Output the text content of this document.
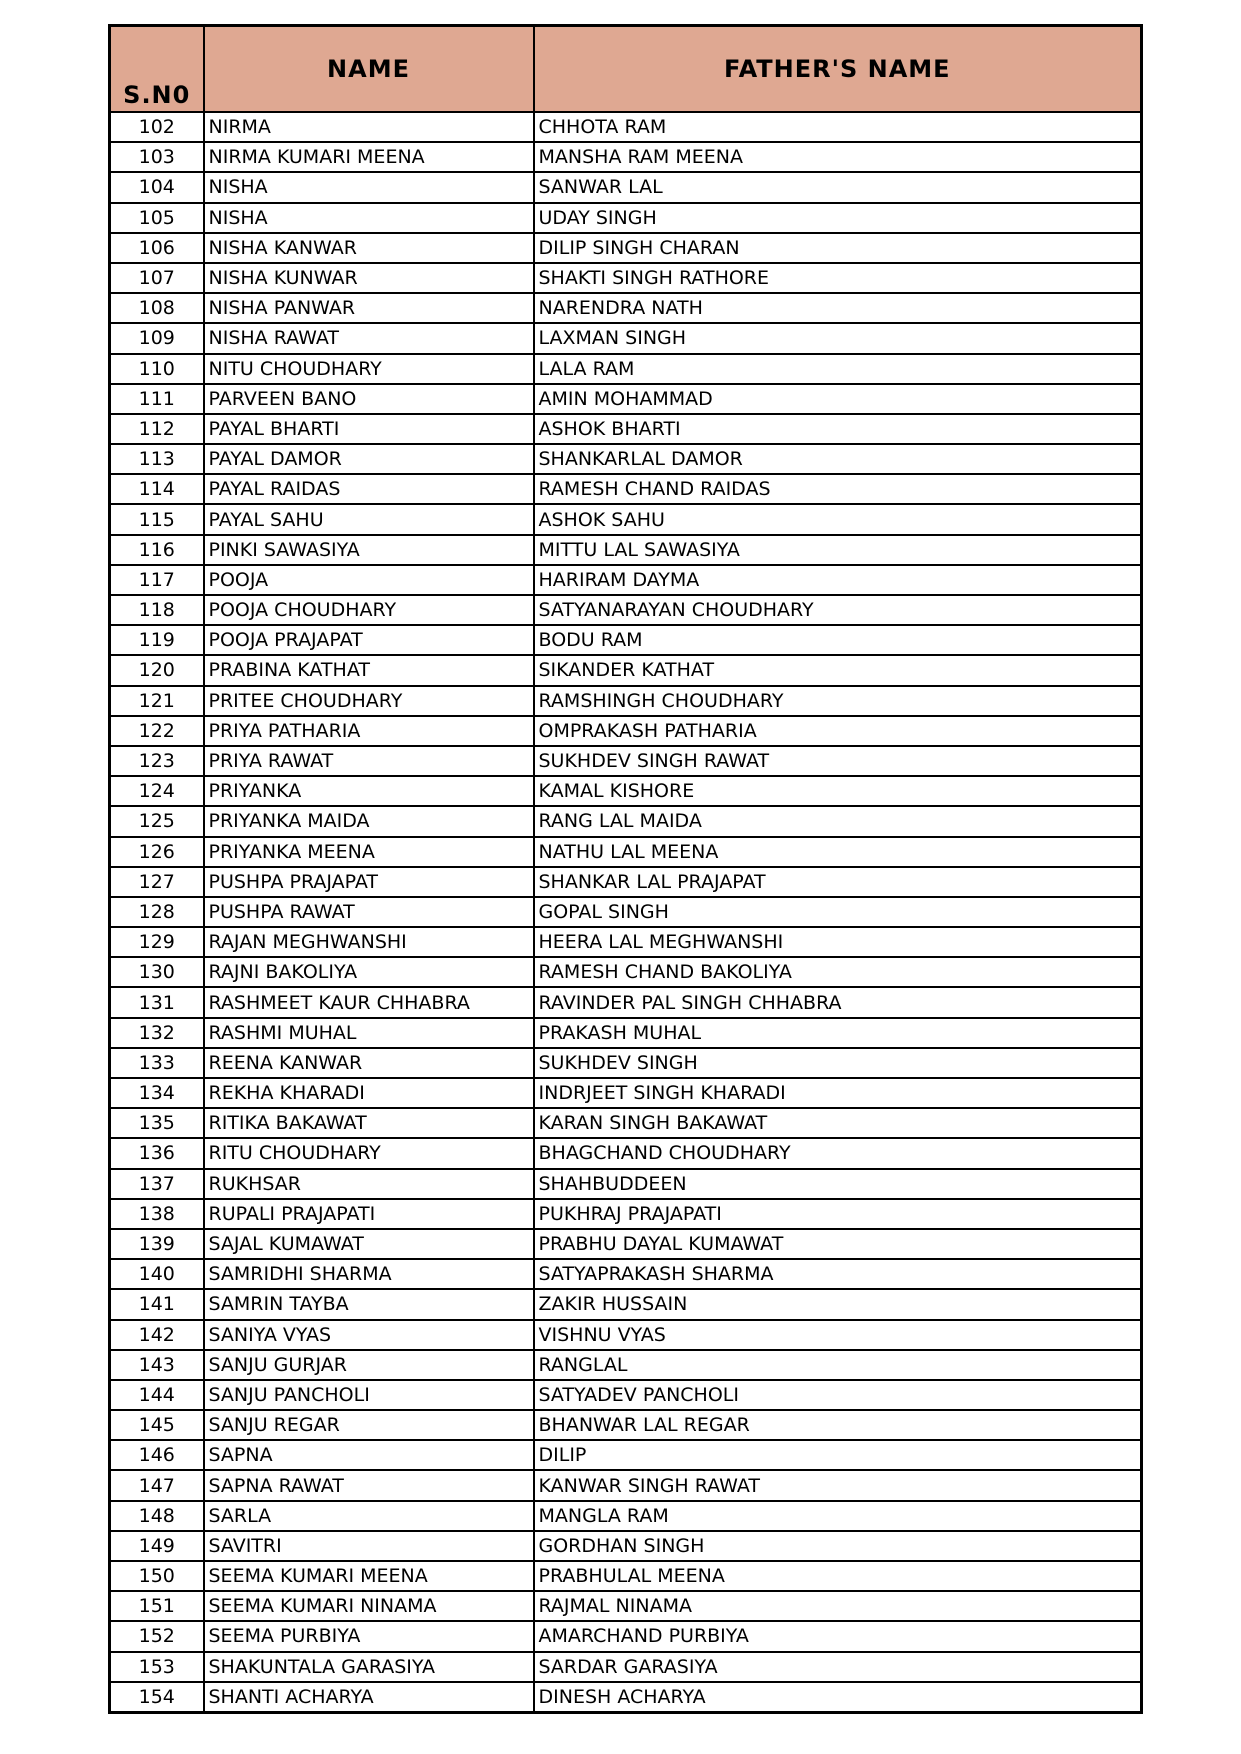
S.N0	NAME	FATHER'S NAME
102	NIRMA	CHHOTA RAM
103	NIRMA KUMARI MEENA	MANSHA RAM MEENA
104	NISHA	SANWAR LAL
105	NISHA	UDAY SINGH
106	NISHA KANWAR	DILIP SINGH CHARAN
107	NISHA KUNWAR	SHAKTI SINGH RATHORE
108	NISHA PANWAR	NARENDRA NATH
109	NISHA RAWAT	LAXMAN SINGH
110	NITU CHOUDHARY	LALA RAM
111	PARVEEN BANO	AMIN MOHAMMAD
112	PAYAL BHARTI	ASHOK BHARTI
113	PAYAL DAMOR	SHANKARLAL DAMOR
114	PAYAL RAIDAS	RAMESH CHAND RAIDAS
115	PAYAL SAHU	ASHOK SAHU
116	PINKI SAWASIYA	MITTU LAL SAWASIYA
117	POOJA	HARIRAM DAYMA
118	POOJA CHOUDHARY	SATYANARAYAN CHOUDHARY
119	POOJA PRAJAPAT	BODU RAM
120	PRABINA KATHAT	SIKANDER KATHAT
121	PRITEE CHOUDHARY	RAMSHINGH CHOUDHARY
122	PRIYA PATHARIA	OMPRAKASH PATHARIA
123	PRIYA RAWAT	SUKHDEV SINGH RAWAT
124	PRIYANKA	KAMAL KISHORE
125	PRIYANKA MAIDA	RANG LAL MAIDA
126	PRIYANKA MEENA	NATHU LAL MEENA
127	PUSHPA PRAJAPAT	SHANKAR LAL PRAJAPAT
128	PUSHPA RAWAT	GOPAL SINGH
129	RAJAN MEGHWANSHI	HEERA LAL MEGHWANSHI
130	RAJNI BAKOLIYA	RAMESH CHAND BAKOLIYA
131	RASHMEET KAUR CHHABRA	RAVINDER PAL SINGH CHHABRA
132	RASHMI MUHAL	PRAKASH MUHAL
133	REENA KANWAR	SUKHDEV SINGH
134	REKHA KHARADI	INDRJEET SINGH KHARADI
135	RITIKA BAKAWAT	KARAN SINGH BAKAWAT
136	RITU CHOUDHARY	BHAGCHAND CHOUDHARY
137	RUKHSAR	SHAHBUDDEEN
138	RUPALI PRAJAPATI	PUKHRAJ PRAJAPATI
139	SAJAL KUMAWAT	PRABHU DAYAL KUMAWAT
140	SAMRIDHI SHARMA	SATYAPRAKASH SHARMA
141	SAMRIN TAYBA	ZAKIR HUSSAIN
142	SANIYA VYAS	VISHNU VYAS
143	SANJU GURJAR	RANGLAL
144	SANJU PANCHOLI	SATYADEV PANCHOLI
145	SANJU REGAR	BHANWAR LAL REGAR
146	SAPNA	DILIP
147	SAPNA RAWAT	KANWAR SINGH RAWAT
148	SARLA	MANGLA RAM
149	SAVITRI	GORDHAN SINGH
150	SEEMA KUMARI MEENA	PRABHULAL MEENA
151	SEEMA KUMARI NINAMA	RAJMAL NINAMA
152	SEEMA PURBIYA	AMARCHAND PURBIYA
153	SHAKUNTALA GARASIYA	SARDAR GARASIYA
154	SHANTI ACHARYA	DINESH ACHARYA
